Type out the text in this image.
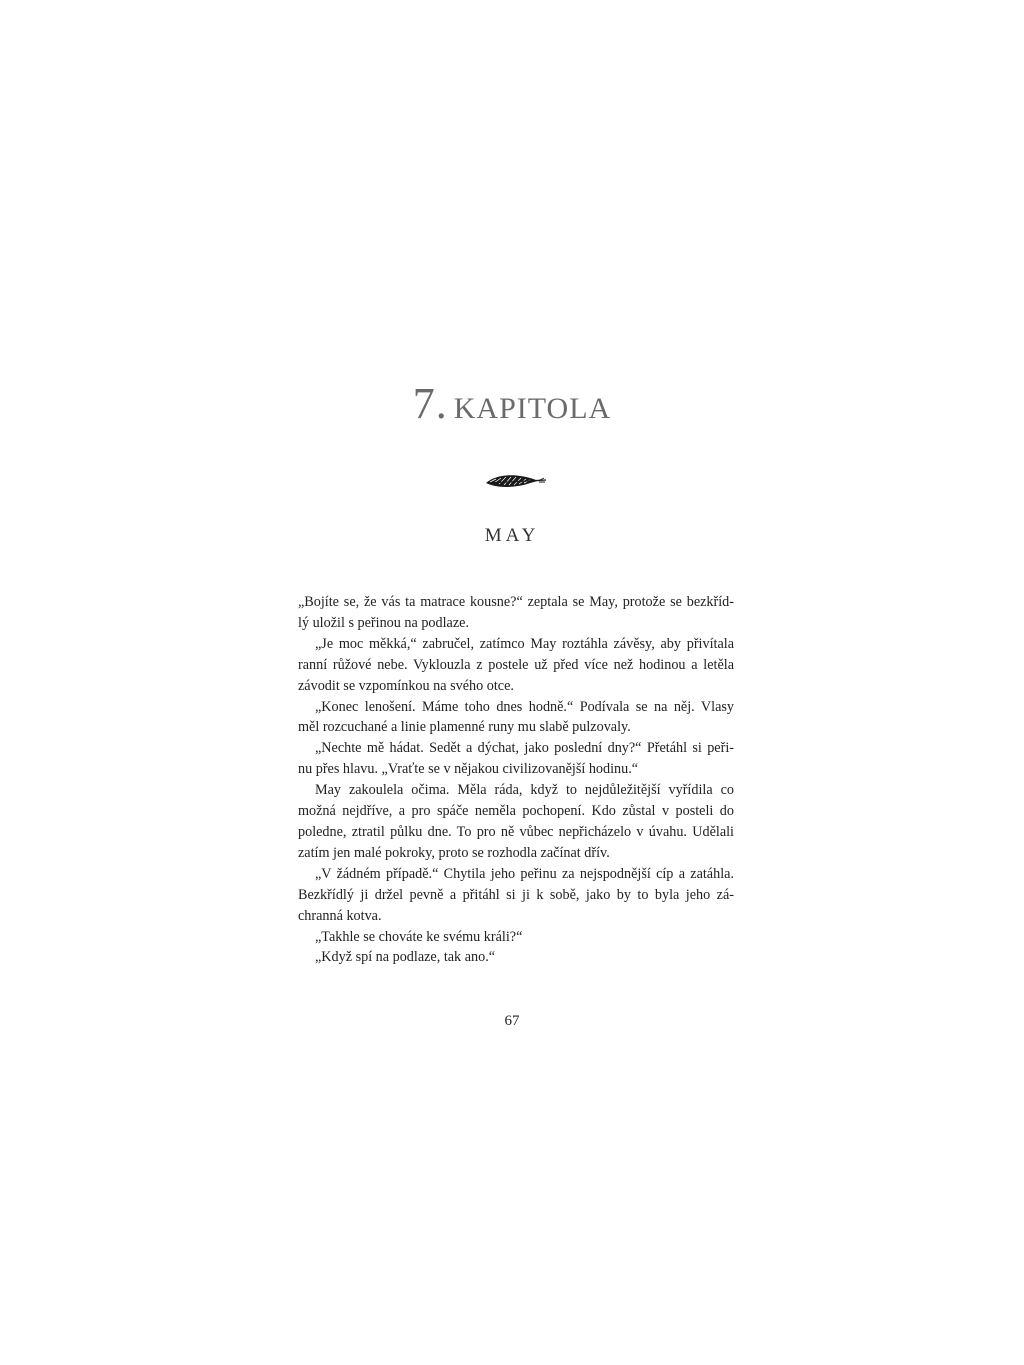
7. KAPITOLA
MAY
„Bojíte se, že vás ta matrace kousne?“ zeptala se May, protože se bezkříd-
lý uložil s peřinou na podlaze.
„Je moc měkká,“ zabručel, zatímco May roztáhla závěsy, aby přivítala
ranní růžové nebe. Vyklouzla z postele už před více než hodinou a letěla
závodit se vzpomínkou na svého otce.
„Konec lenošení. Máme toho dnes hodně.“ Podívala se na něj. Vlasy
měl rozcuchané a linie plamenné runy mu slabě pulzovaly.
„Nechte mě hádat. Sedět a dýchat, jako poslední dny?“ Přetáhl si peři-
nu přes hlavu. „Vraťte se v nějakou civilizovanější hodinu.“
May zakoulela očima. Měla ráda, když to nejdůležitější vyřídila co
možná nejdříve, a pro spáče neměla pochopení. Kdo zůstal v posteli do
poledne, ztratil půlku dne. To pro ně vůbec nepřicházelo v úvahu. Udělali
zatím jen malé pokroky, proto se rozhodla začínat dřív.
„V žádném případě.“ Chytila jeho peřinu za nejspodnější cíp a zatáhla.
Bezkřídlý ji držel pevně a přitáhl si ji k sobě, jako by to byla jeho zá-
chranná kotva.
„Takhle se chováte ke svému králi?“
„Když spí na podlaze, tak ano.“
67
